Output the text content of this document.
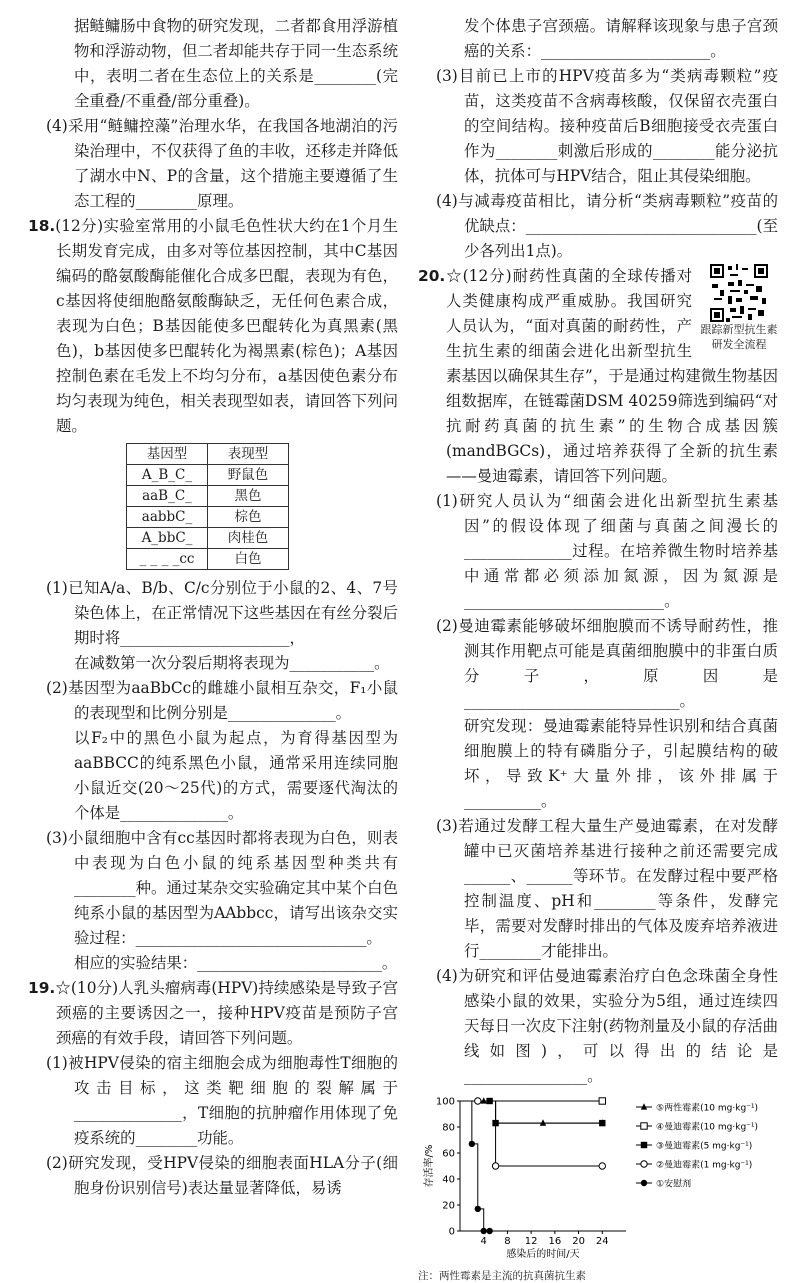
据鲢鳙肠中食物的研究发现，二者都食用浮游植物和浮游动物，但二者却能共存于同一生态系统中，表明二者在生态位上的关系是________(完全重叠/不重叠/部分重叠)。

(4)采用“鲢鳙控藻”治理水华，在我国各地湖泊的污染治理中，不仅获得了鱼的丰收，还移走并降低了湖水中N、P的含量，这个措施主要遵循了生态工程的________原理。

18.(12分)实验室常用的小鼠毛色性状大约在1个月生长期发育完成，由多对等位基因控制，其中C基因编码的酪氨酸酶能催化合成多巴醌，表现为有色，c基因将使细胞酪氨酸酶缺乏，无任何色素合成，表现为白色；B基因能使多巴醌转化为真黑素(黑色)，b基因使多巴醌转化为褐黑素(棕色)；A基因控制色素在毛发上不均匀分布，a基因使色素分布均匀表现为纯色，相关表现型如表，请回答下列问题。

基因型	表现型
A_B_C_	野鼠色
aaB_C_	黑色
aabbC_	棕色
A_bbC_	肉桂色
_ _ _ _cc	白色

(1)已知A/a、B/b、C/c分别位于小鼠的2、4、7号染色体上，在正常情况下这些基因在有丝分裂后期时将______________________，

在减数第一次分裂后期将表现为___________。

(2)基因型为aaBbCc的雌雄小鼠相互杂交，F₁小鼠的表现型和比例分别是______________。

以F₂中的黑色小鼠为起点，为育得基因型为aaBBCC的纯系黑色小鼠，通常采用连续同胞小鼠近交(20～25代)的方式，需要逐代淘汰的个体是______________。

(3)小鼠细胞中含有cc基因时都将表现为白色，则表中表现为白色小鼠的纯系基因型种类共有________种。通过某杂交实验确定其中某个白色纯系小鼠的基因型为AAbbcc，请写出该杂交实验过程：______________________________。

相应的实验结果：________________________。

19.☆(10分)人乳头瘤病毒(HPV)持续感染是导致子宫颈癌的主要诱因之一，接种HPV疫苗是预防子宫颈癌的有效手段，请回答下列问题。

(1)被HPV侵染的宿主细胞会成为细胞毒性T细胞的攻击目标，这类靶细胞的裂解属于______________，T细胞的抗肿瘤作用体现了免疫系统的________功能。

(2)研究发现，受HPV侵染的细胞表面HLA分子(细胞身份识别信号)表达量显著降低，易诱

发个体患子宫颈癌。请解释该现象与患子宫颈癌的关系：______________________。

(3)目前已上市的HPV疫苗多为“类病毒颗粒”疫苗，这类疫苗不含病毒核酸，仅保留衣壳蛋白的空间结构。接种疫苗后B细胞接受衣壳蛋白作为________刺激后形成的________能分泌抗体，抗体可与HPV结合，阻止其侵染细胞。

(4)与减毒疫苗相比，请分析“类病毒颗粒”疫苗的优缺点：______________________________(至少各列出1点)。

跟踪新型抗生素研发全流程

20.☆(12分)耐药性真菌的全球传播对人类健康构成严重威胁。我国研究人员认为，“面对真菌的耐药性，产生抗生素的细菌会进化出新型抗生素基因以确保其生存”，于是通过构建微生物基因组数据库，在链霉菌DSM 40259筛选到编码“对抗耐药真菌的抗生素”的生物合成基因簇(mandBGCs)，通过培养获得了全新的抗生素——曼迪霉素，请回答下列问题。

(1)研究人员认为“细菌会进化出新型抗生素基因”的假设体现了细菌与真菌之间漫长的______________过程。在培养微生物时培养基中通常都必须添加氮源，因为氮源是__________________________。

(2)曼迪霉素能够破坏细胞膜而不诱导耐药性，推测其作用靶点可能是真菌细胞膜中的非蛋白质分子，原因是____________________________。

研究发现：曼迪霉素能特异性识别和结合真菌细胞膜上的特有磷脂分子，引起膜结构的破坏，导致K⁺大量外排，该外排属于__________。

(3)若通过发酵工程大量生产曼迪霉素，在对发酵罐中已灭菌培养基进行接种之前还需要完成______、______等环节。在发酵过程中要严格控制温度、pH和________等条件，发酵完毕，需要对发酵时排出的气体及废弃培养液进行________才能排出。

(4)为研究和评估曼迪霉素治疗白色念珠菌全身性感染小鼠的效果，实验分为5组，通过连续四天每日一次皮下注射(药物剂量及小鼠的存活曲线如图)，可以得出的结论是________________。

0
20
40
60
80
100
4 8 12 16 20 24
感染后的时间/天
存活率/%
⑤两性霉素(10 mg·kg⁻¹)
④曼迪霉素(10 mg·kg⁻¹)
③曼迪霉素(5 mg·kg⁻¹)
②曼迪霉素(1 mg·kg⁻¹)
①安慰剂
注：两性霉素是主流的抗真菌抗生素
